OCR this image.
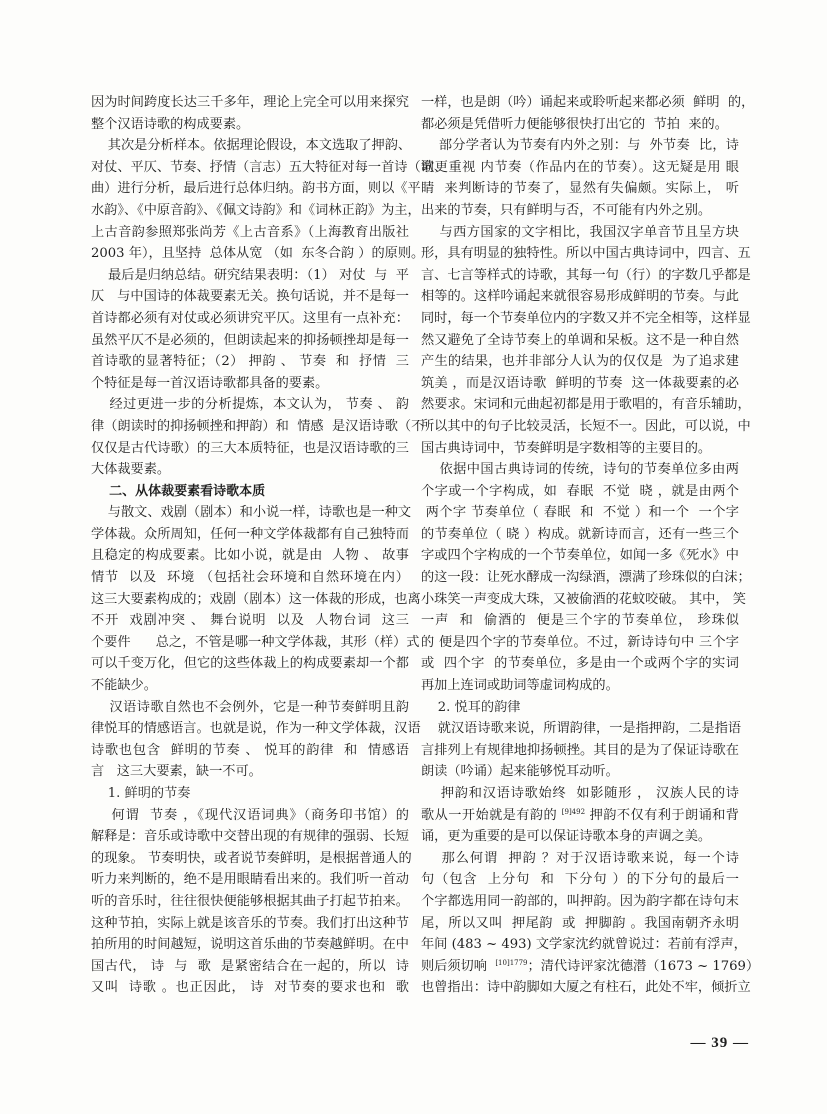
因为时间跨度长达三千多年，理论上完全可以用来探究
整个汉语诗歌的构成要素。
其次是分析样本。依据理论假设，本文选取了押韵、
对仗、平仄、节奏、抒情（言志）五大特征对每一首诗（词、
曲）进行分析，最后进行总体归纳。韵书方面，则以《平
水韵》、《中原音韵》、《佩文诗韵》和《词林正韵》为主，
上古音韵参照郑张尚芳《上古音系》（上海教育出版社
2003 年），且坚持  总体从宽 （如  东冬合韵 ）的原则。
最后是归纳总结。研究结果表明：（1） 对仗  与  平
仄   与中国诗的体裁要素无关。换句话说，并不是每一
首诗都必须有对仗或必须讲究平仄。这里有一点补充：
虽然平仄不是必须的，但朗读起来的抑扬顿挫却是每一
首诗歌的显著特征；（2） 押韵 、 节奏  和  抒情  三
个特征是每一首汉语诗歌都具备的要素。
经过更进一步的分析提炼，本文认为， 节奏 、 韵
律（朗读时的抑扬顿挫和押韵）和  情感  是汉语诗歌（不
仅仅是古代诗歌）的三大本质特征，也是汉语诗歌的三
大体裁要素。
二、从体裁要素看诗歌本质
与散文、戏剧（剧本）和小说一样，诗歌也是一种文
学体裁。众所周知，任何一种文学体裁都有自己独特而
且稳定的构成要素。比如小说，就是由  人物 、 故事
情节  以及  环境 （包括社会环境和自然环境在内）
这三大要素构成的；戏剧（剧本）这一体裁的形成，也离
不开  戏剧冲突 、 舞台说明  以及  人物台词  这三
个要件      总之，不管是哪一种文学体裁，其形（样）式
可以千变万化，但它的这些体裁上的构成要素却一个都
不能缺少。
汉语诗歌自然也不会例外，它是一种节奏鲜明且韵
律悦耳的情感语言。也就是说，作为一种文学体裁，汉语
诗歌也包含  鲜明的节奏 、 悦耳的韵律  和  情感语
言   这三大要素，缺一不可。
1. 鲜明的节奏
何谓  节奏 ，《现代汉语词典》（商务印书馆）的
解释是：音乐或诗歌中交替出现的有规律的强弱、长短
的现象。 节奏明快，或者说节奏鲜明，是根据普通人的
听力来判断的，绝不是用眼睛看出来的。我们听一首动
听的音乐时，往往很快便能够根据其曲子打起节拍来。
这种节拍，实际上就是该音乐的节奏。我们打出这种节
拍所用的时间越短，说明这首乐曲的节奏越鲜明。在中
国古代， 诗  与  歌  是紧密结合在一起的，所以  诗
又叫  诗歌 。也正因此， 诗  对节奏的要求也和  歌
一样，也是朗（吟）诵起来或聆听起来都必须  鲜明  的，
都必须是凭借听力便能够很快打出它的  节拍  来的。
部分学者认为节奏有内外之别：与  外节奏  比，诗
歌更重视 内节奏（作品内在的节奏）。这无疑是用 眼
睛  来判断诗的节奏了，显然有失偏颇。实际上， 听
出来的节奏，只有鲜明与否，不可能有内外之别。
与西方国家的文字相比，我国汉字单音节且呈方块
形，具有明显的独特性。所以中国古典诗词中，四言、五
言、七言等样式的诗歌，其每一句（行）的字数几乎都是
相等的。这样吟诵起来就很容易形成鲜明的节奏。与此
同时，每一个节奏单位内的字数又并不完全相等，这样显
然又避免了全诗节奏上的单调和呆板。这不是一种自然
产生的结果，也并非部分人认为的仅仅是  为了追求建
筑美 ，而是汉语诗歌  鲜明的节奏  这一体裁要素的必
然要求。宋词和元曲起初都是用于歌唱的，有音乐辅助，
所以其中的句子比较灵活，长短不一。因此，可以说，中
国古典诗词中，节奏鲜明是字数相等的主要目的。
依据中国古典诗词的传统，诗句的节奏单位多由两
个字或一个字构成，如  春眠  不觉  晓 ，就是由两个
两个字 节奏单位（ 春眠  和  不觉 ）和一个  一个字
的节奏单位（ 晓 ）构成。就新诗而言，还有一些三个
字或四个字构成的一个节奏单位，如闻一多《死水》中
的这一段：让死水酵成一沟绿酒，漂满了珍珠似的白沫；
小珠笑一声变成大珠，又被偷酒的花蚊咬破。 其中， 笑
一声  和  偷酒的  便是三个字的节奏单位， 珍珠似
的 便是四个字的节奏单位。不过，新诗诗句中 三个字
或  四个字  的节奏单位，多是由一个或两个字的实词
再加上连词或助词等虚词构成的。
2. 悦耳的韵律
就汉语诗歌来说，所谓韵律，一是指押韵，二是指语
言排列上有规律地抑扬顿挫。其目的是为了保证诗歌在
朗读（吟诵）起来能够悦耳动听。
押韵和汉语诗歌始终  如影随形 ， 汉族人民的诗
歌从一开始就是有韵的 $^{[9]492}$ 押韵不仅有利于朗诵和背
诵，更为重要的是可以保证诗歌本身的声调之美。
那么何谓  押韵 ？对于汉语诗歌来说，每一个诗
句（包含  上分句  和  下分句 ）的下分句的最后一
个字都选用同一韵部的，叫押韵。因为韵字都在诗句末
尾，所以又叫  押尾韵  或  押脚韵 。我国南朝齐永明
年间 (483 ~ 493) 文学家沈约就曾说过：若前有浮声，
则后须切响  $^{[10]1779}$；清代诗评家沈德潜（1673 ~ 1769）
也曾指出：诗中韵脚如大厦之有柱石，此处不牢，倾折立
— 39 —
